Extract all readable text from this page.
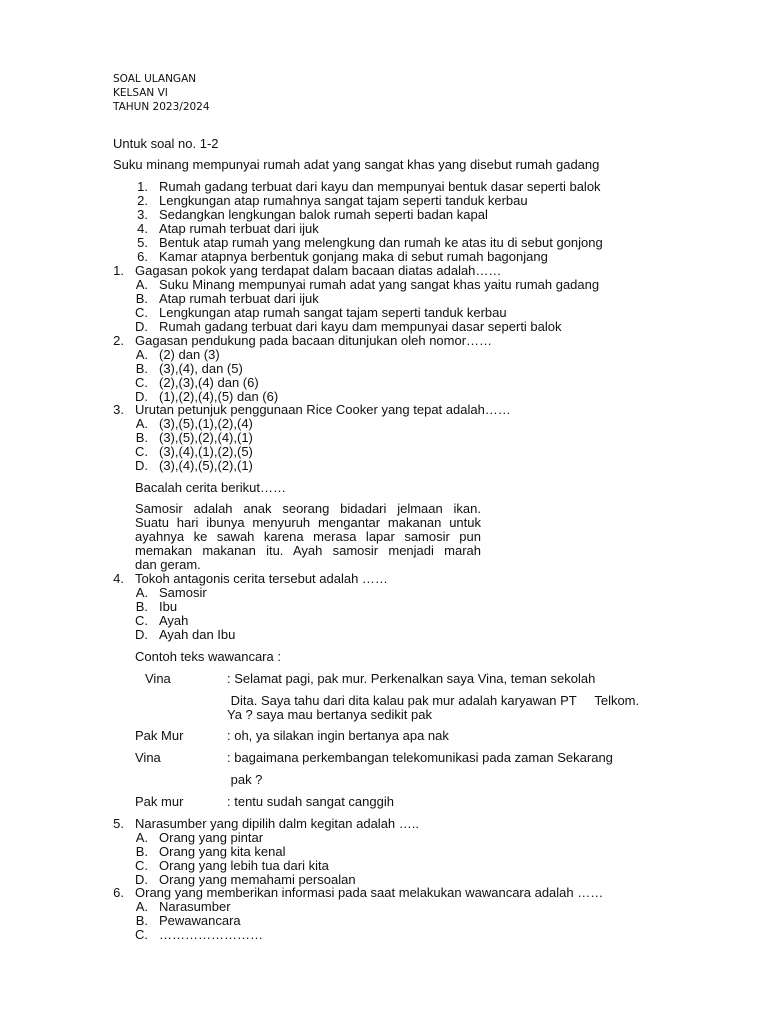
SOAL ULANGAN
KELSAN VI
TAHUN 2023/2024
Untuk soal no. 1-2
Suku minang mempunyai rumah adat yang sangat khas yang disebut rumah gadang
1. Rumah gadang terbuat dari kayu dan mempunyai bentuk dasar seperti balok
2. Lengkungan atap rumahnya sangat tajam seperti tanduk kerbau
3. Sedangkan lengkungan balok rumah seperti badan kapal
4. Atap rumah terbuat dari ijuk
5. Bentuk atap rumah yang melengkung dan rumah ke atas itu di sebut gonjong
6. Kamar atapnya berbentuk gonjang maka di sebut rumah bagonjang
1. Gagasan pokok yang terdapat dalam bacaan diatas adalah……
A. Suku Minang mempunyai rumah adat yang sangat khas yaitu rumah gadang
B. Atap rumah terbuat dari ijuk
C. Lengkungan atap rumah sangat tajam seperti tanduk kerbau
D. Rumah gadang terbuat dari kayu dam mempunyai dasar seperti balok
2. Gagasan pendukung pada bacaan ditunjukan oleh nomor……
A. (2) dan (3)
B. (3),(4), dan (5)
C. (2),(3),(4) dan (6)
D. (1),(2),(4),(5) dan (6)
3. Urutan petunjuk penggunaan Rice Cooker yang tepat adalah……
A. (3),(5),(1),(2),(4)
B. (3),(5),(2),(4),(1)
C. (3),(4),(1),(2),(5)
D. (3),(4),(5),(2),(1)
Bacalah cerita berikut……
Samosir adalah anak seorang bidadari jelmaan ikan.
Suatu hari ibunya menyuruh mengantar makanan untuk
ayahnya ke sawah karena merasa lapar samosir pun
memakan makanan itu. Ayah samosir menjadi marah
dan geram.
4. Tokoh antagonis cerita tersebut adalah ……
A. Samosir
B. Ibu
C. Ayah
D. Ayah dan Ibu
Contoh teks wawancara :
Vina	: Selamat pagi, pak mur. Perkenalkan saya Vina, teman sekolah
Dita. Saya tahu dari dita kalau pak mur adalah karyawan PT     Telkom.
Ya ? saya mau bertanya sedikit pak
Pak Mur	: oh, ya silakan ingin bertanya apa nak
Vina	: bagaimana perkembangan telekomunikasi pada zaman Sekarang
pak ?
Pak mur	: tentu sudah sangat canggih
5. Narasumber yang dipilih dalm kegitan adalah …..
A. Orang yang pintar
B. Orang yang kita kenal
C. Orang yang lebih tua dari kita
D. Orang yang memahami persoalan
6. Orang yang memberikan informasi pada saat melakukan wawancara adalah ……
A. Narasumber
B. Pewawancara
C. ……………………
